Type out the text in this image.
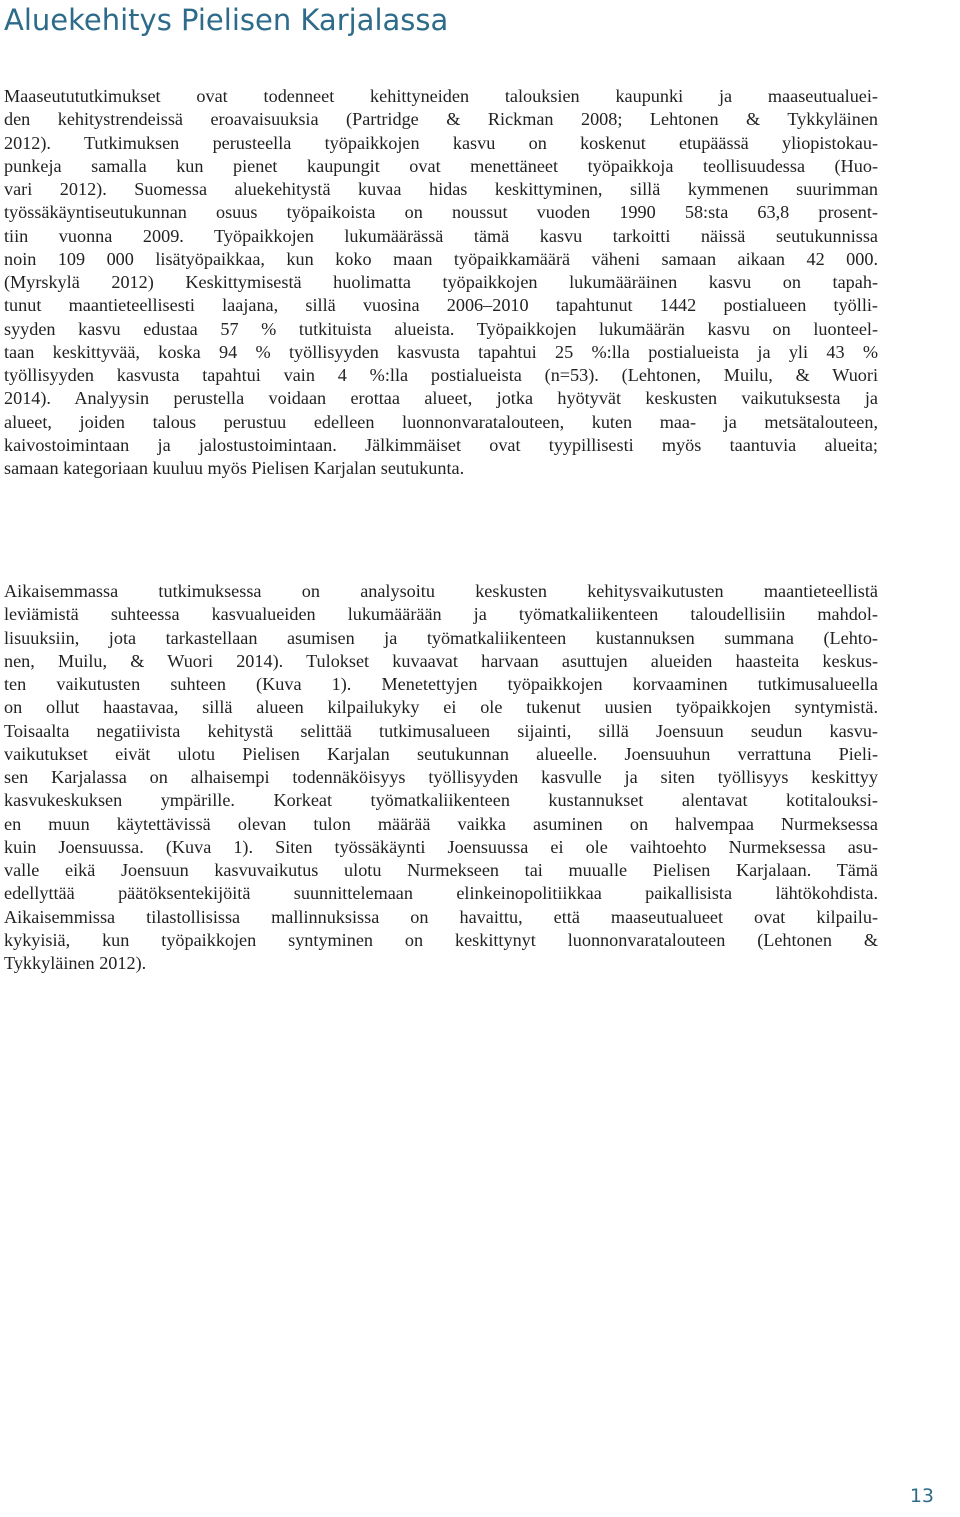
Aluekehitys Pielisen Karjalassa
Maaseutututkimukset ovat todenneet kehittyneiden talouksien kaupunki ja maaseutualuei-
den kehitystrendeissä eroavaisuuksia (Partridge & Rickman 2008; Lehtonen & Tykkyläinen
2012). Tutkimuksen perusteella työpaikkojen kasvu on koskenut etupäässä yliopistokau-
punkeja samalla kun pienet kaupungit ovat menettäneet työpaikkoja teollisuudessa (Huo-
vari 2012). Suomessa aluekehitystä kuvaa hidas keskittyminen, sillä kymmenen suurimman
työssäkäyntiseutukunnan osuus työpaikoista on noussut vuoden 1990 58:sta 63,8 prosent-
tiin vuonna 2009. Työpaikkojen lukumäärässä tämä kasvu tarkoitti näissä seutukunnissa
noin 109 000 lisätyöpaikkaa, kun koko maan työpaikkamäärä väheni samaan aikaan 42 000.
(Myrskylä 2012) Keskittymisestä huolimatta työpaikkojen lukumääräinen kasvu on tapah-
tunut maantieteellisesti laajana, sillä vuosina 2006–2010 tapahtunut 1442 postialueen työlli-
syyden kasvu edustaa 57 % tutkituista alueista. Työpaikkojen lukumäärän kasvu on luonteel-
taan keskittyvää, koska 94 % työllisyyden kasvusta tapahtui 25 %:lla postialueista ja yli 43 %
työllisyyden kasvusta tapahtui vain 4 %:lla postialueista (n=53). (Lehtonen, Muilu, & Wuori
2014). Analyysin perustella voidaan erottaa alueet, jotka hyötyvät keskusten vaikutuksesta ja
alueet, joiden talous perustuu edelleen luonnonvaratalouteen, kuten maa- ja metsätalouteen,
kaivostoimintaan ja jalostustoimintaan. Jälkimmäiset ovat tyypillisesti myös taantuvia alueita;
samaan kategoriaan kuuluu myös Pielisen Karjalan seutukunta.
Aikaisemmassa tutkimuksessa on analysoitu keskusten kehitysvaikutusten maantieteellistä
leviämistä suhteessa kasvualueiden lukumäärään ja työmatkaliikenteen taloudellisiin mahdol-
lisuuksiin, jota tarkastellaan asumisen ja työmatkaliikenteen kustannuksen summana (Lehto-
nen, Muilu, & Wuori 2014). Tulokset kuvaavat harvaan asuttujen alueiden haasteita keskus-
ten vaikutusten suhteen (Kuva 1). Menetettyjen työpaikkojen korvaaminen tutkimusalueella
on ollut haastavaa, sillä alueen kilpailukyky ei ole tukenut uusien työpaikkojen syntymistä.
Toisaalta negatiivista kehitystä selittää tutkimusalueen sijainti, sillä Joensuun seudun kasvu-
vaikutukset eivät ulotu Pielisen Karjalan seutukunnan alueelle. Joensuuhun verrattuna Pieli-
sen Karjalassa on alhaisempi todennäköisyys työllisyyden kasvulle ja siten työllisyys keskittyy
kasvukeskuksen ympärille. Korkeat työmatkaliikenteen kustannukset alentavat kotitalouksi-
en muun käytettävissä olevan tulon määrää vaikka asuminen on halvempaa Nurmeksessa
kuin Joensuussa. (Kuva 1). Siten työssäkäynti Joensuussa ei ole vaihtoehto Nurmeksessa asu-
valle eikä Joensuun kasvuvaikutus ulotu Nurmekseen tai muualle Pielisen Karjalaan. Tämä
edellyttää päätöksentekijöitä suunnittelemaan elinkeinopolitiikkaa paikallisista lähtökohdista.
Aikaisemmissa tilastollisissa mallinnuksissa on havaittu, että maaseutualueet ovat kilpailu-
kykyisiä, kun työpaikkojen syntyminen on keskittynyt luonnonvaratalouteen (Lehtonen &
Tykkyläinen 2012).
13
